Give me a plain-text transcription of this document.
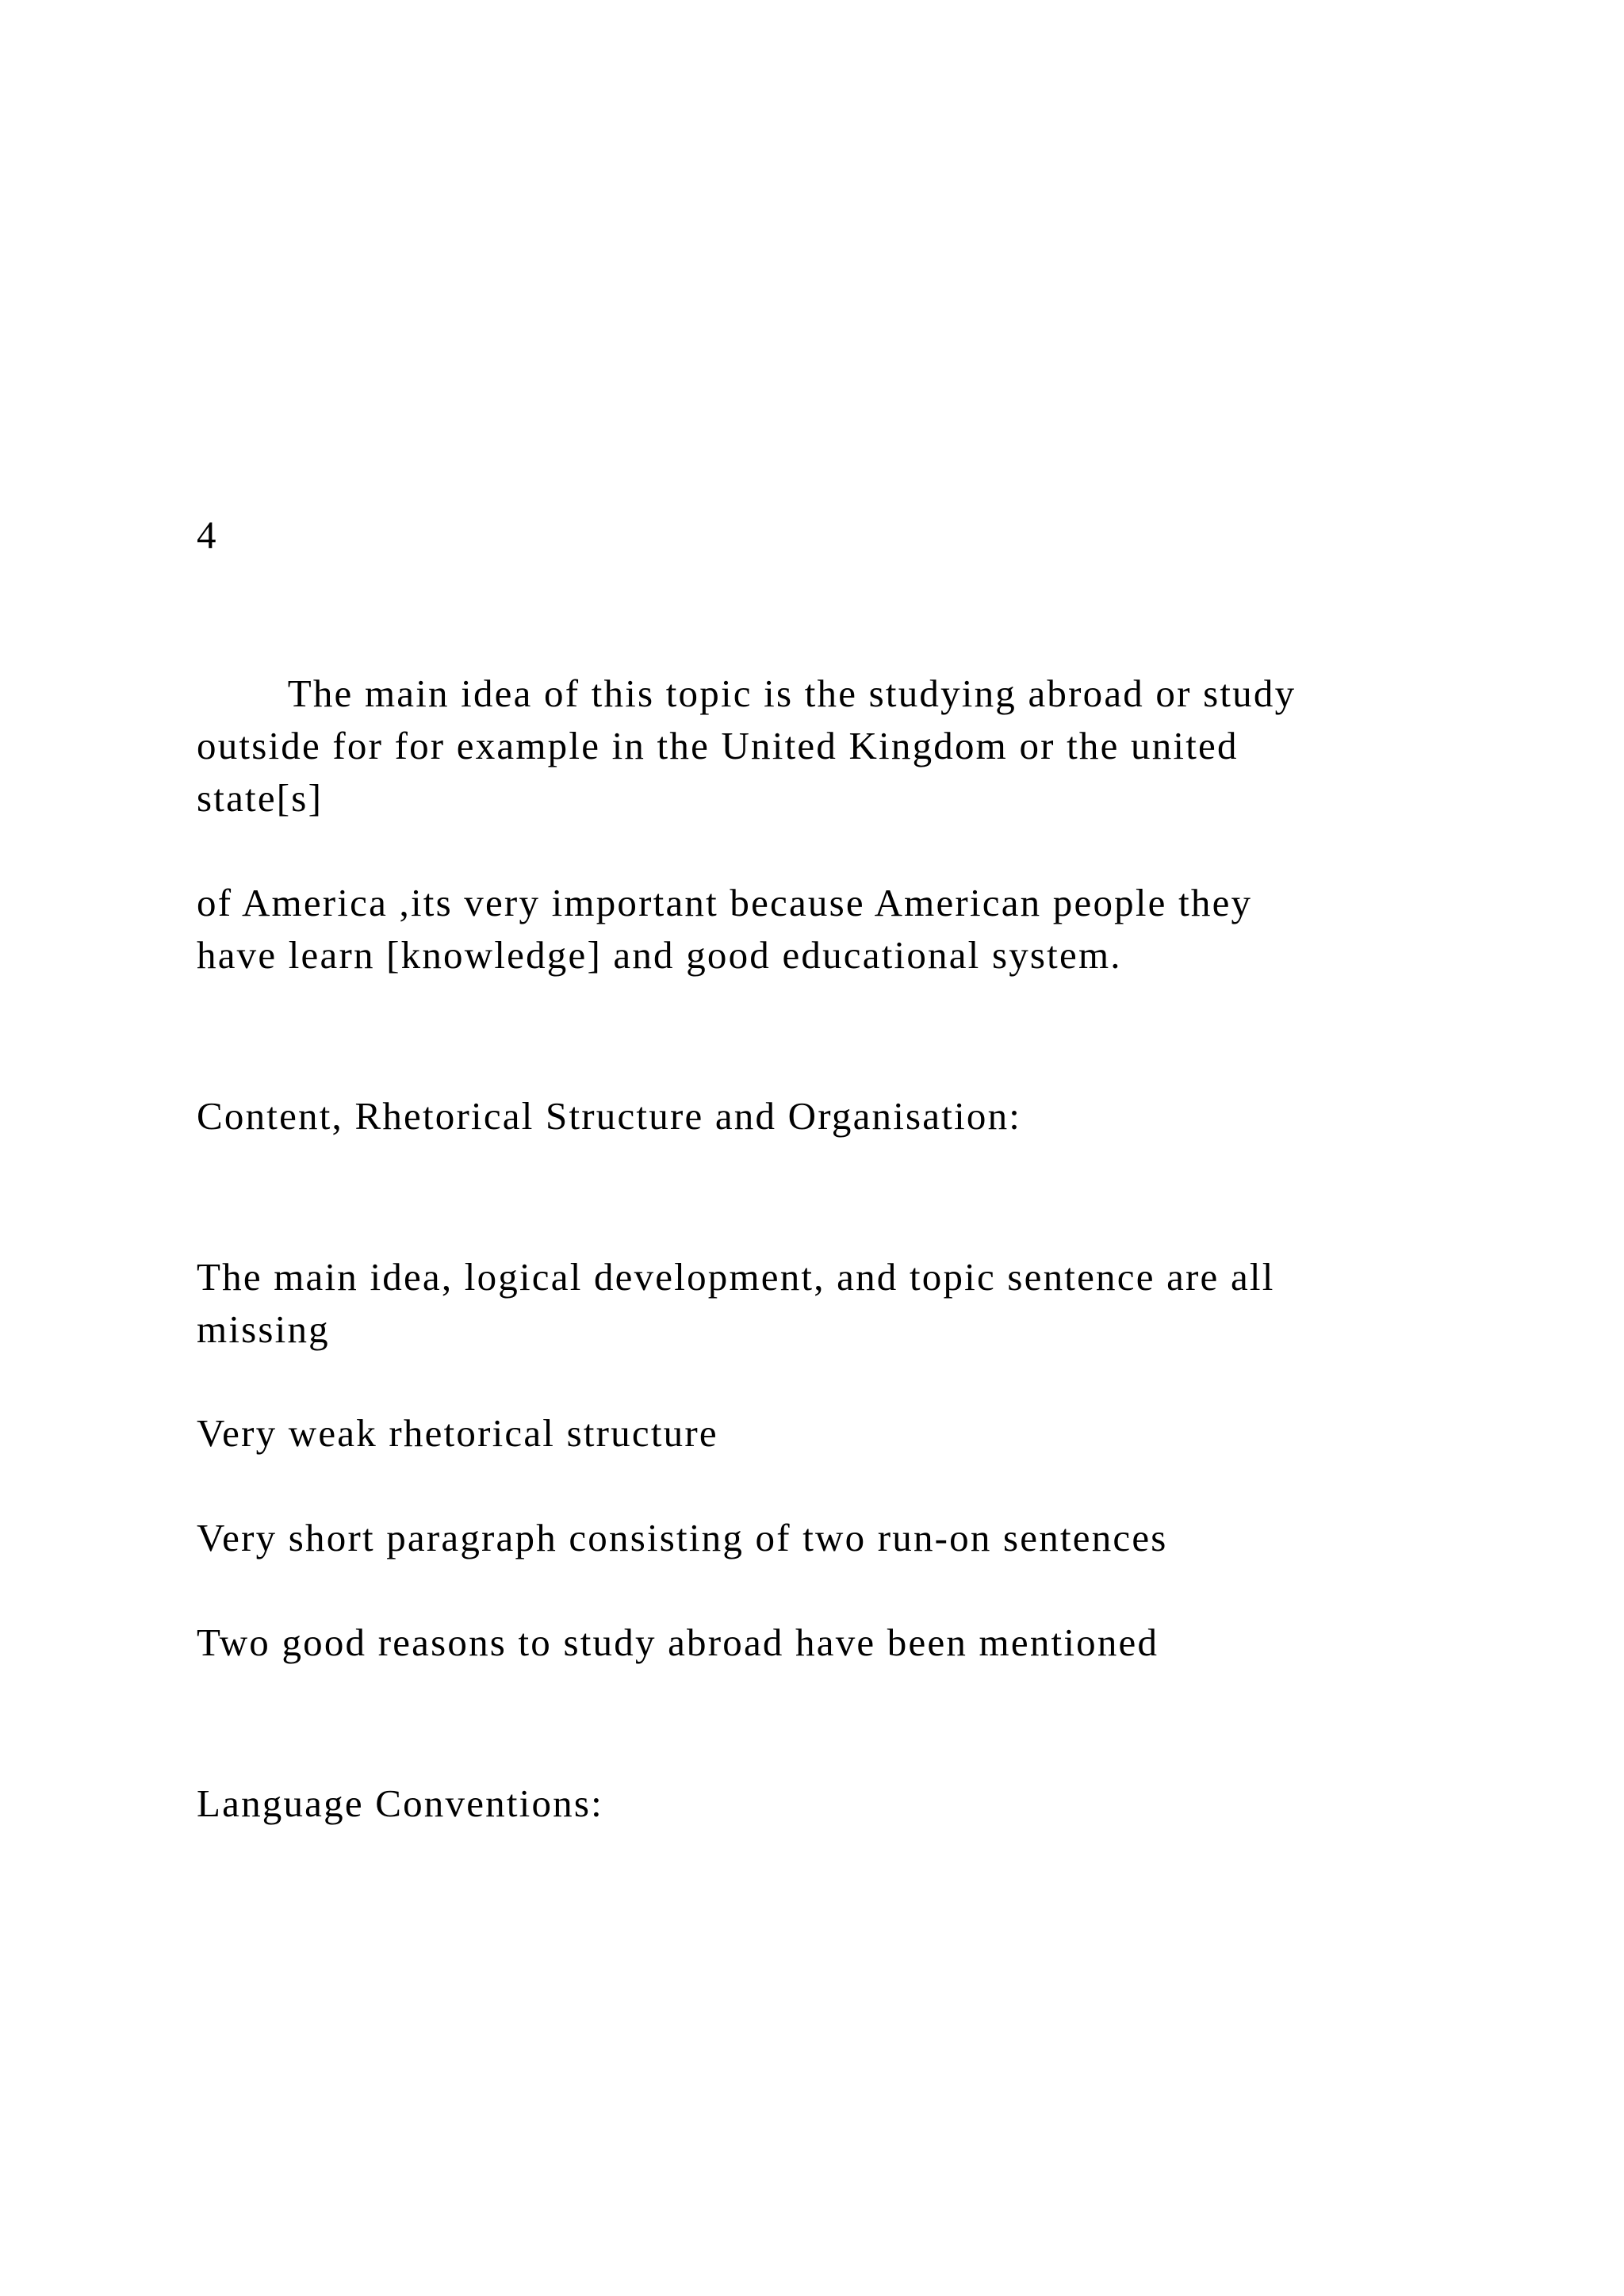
4

The main idea of this topic is the studying abroad or study

outside for for example in the United Kingdom or the united

state[s]

of America ,its very important because American people they

have learn [knowledge] and good educational system.

Content, Rhetorical Structure and Organisation:

The main idea, logical development, and topic sentence are all

missing

Very weak rhetorical structure

Very short paragraph consisting of two run-on sentences

Two good reasons to study abroad have been mentioned

Language Conventions:
